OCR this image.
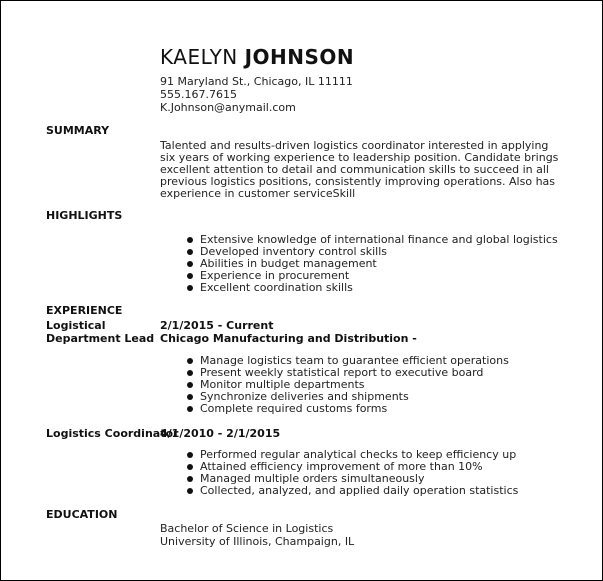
KAELYN JOHNSON
91 Maryland St., Chicago, IL 11111
555.167.7615
K.Johnson@anymail.com
SUMMARY

Talented and results-driven logistics coordinator interested in applying six years of working experience to leadership position. Candidate brings excellent attention to detail and communication skills to succeed in all previous logistics positions, consistently improving operations. Also has experience in customer serviceSkill

HIGHLIGHTS
Extensive knowledge of international finance and global logistics
Developed inventory control skills
Abilities in budget management
Experience in procurement
Excellent coordination skills
EXPERIENCE
Logistical
Department Lead
2/1/2015 - Current
Chicago Manufacturing and Distribution -
Manage logistics team to guarantee efficient operations
Present weekly statistical report to executive board
Monitor multiple departments
Synchronize deliveries and shipments
Complete required customs forms
Logistics Coordinator
4/1/2010 - 2/1/2015
Performed regular analytical checks to keep efficiency up
Attained efficiency improvement of more than 10%
Managed multiple orders simultaneously
Collected, analyzed, and applied daily operation statistics
EDUCATION
Bachelor of Science in Logistics
University of Illinois, Champaign, IL
